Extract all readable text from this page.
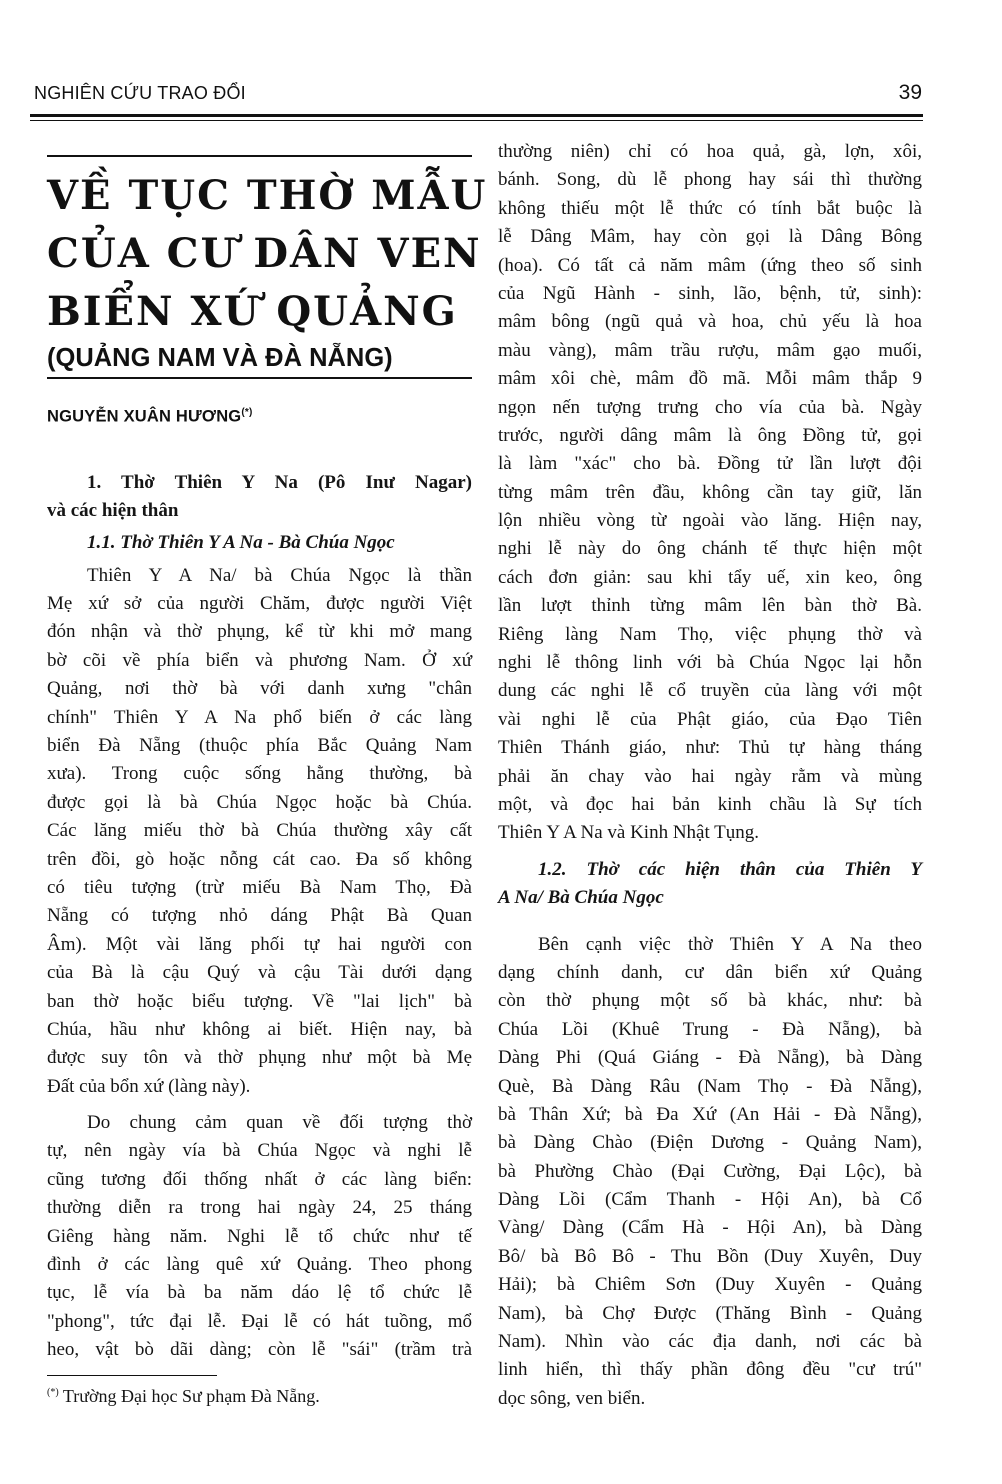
NGHIÊN CỨU TRAO ĐỔI	39
VỀ TỤC THỜ MẪU
CỦA CƯ DÂN VEN
BIỂN XỨ QUẢNG
(QUẢNG NAM VÀ ĐÀ NẴNG)
NGUYỄN XUÂN HƯƠNG(*)
1. Thờ Thiên Y Na (Pô Inư Nagar)
và các hiện thân
1.1. Thờ Thiên Y A Na - Bà Chúa Ngọc
Thiên Y A Na/ bà Chúa Ngọc là thần
Mẹ xứ sở của người Chăm, được người Việt
đón nhận và thờ phụng, kể từ khi mở mang
bờ cõi về phía biển và phương Nam. Ở xứ
Quảng, nơi thờ bà với danh xưng "chân
chính" Thiên Y A Na phổ biến ở các làng
biển Đà Nẵng (thuộc phía Bắc Quảng Nam
xưa). Trong cuộc sống hằng thường, bà
được gọi là bà Chúa Ngọc hoặc bà Chúa.
Các lăng miếu thờ bà Chúa thường xây cất
trên đồi, gò hoặc nỗng cát cao. Đa số không
có tiêu tượng (trừ miếu Bà Nam Thọ, Đà
Nẵng có tượng nhỏ dáng Phật Bà Quan
Âm). Một vài lăng phối tự hai người con
của Bà là cậu Quý và cậu Tài dưới dạng
ban thờ hoặc biểu tượng. Về "lai lịch" bà
Chúa, hầu như không ai biết. Hiện nay, bà
được suy tôn và thờ phụng như một bà Mẹ
Đất của bổn xứ (làng này).
Do chung cảm quan về đối tượng thờ
tự, nên ngày vía bà Chúa Ngọc và nghi lễ
cũng tương đối thống nhất ở các làng biển:
thường diễn ra trong hai ngày 24, 25 tháng
Giêng hàng năm. Nghi lễ tổ chức như tế
đình ở các làng quê xứ Quảng. Theo phong
tục, lễ vía bà ba năm dáo lệ tổ chức lễ
"phong", tức đại lễ. Đại lễ có hát tuồng, mổ
heo, vật bò dãi dàng; còn lễ "sái" (trầm trà
thường niên) chỉ có hoa quả, gà, lợn, xôi,
bánh. Song, dù lễ phong hay sái thì thường
không thiếu một lễ thức có tính bắt buộc là
lễ Dâng Mâm, hay còn gọi là Dâng Bông
(hoa). Có tất cả năm mâm (ứng theo số sinh
của Ngũ Hành - sinh, lão, bệnh, tử, sinh):
mâm bông (ngũ quả và hoa, chủ yếu là hoa
màu vàng), mâm trầu rượu, mâm gạo muối,
mâm xôi chè, mâm đồ mã. Mỗi mâm thắp 9
ngọn nến tượng trưng cho vía của bà. Ngày
trước, người dâng mâm là ông Đồng tử, gọi
là làm "xác" cho bà. Đồng tử lần lượt đội
từng mâm trên đầu, không cần tay giữ, lăn
lộn nhiều vòng từ ngoài vào lăng. Hiện nay,
nghi lễ này do ông chánh tế thực hiện một
cách đơn giản: sau khi tẩy uế, xin keo, ông
lần lượt thỉnh từng mâm lên bàn thờ Bà.
Riêng làng Nam Thọ, việc phụng thờ và
nghi lễ thông linh với bà Chúa Ngọc lại hỗn
dung các nghi lễ cổ truyền của làng với một
vài nghi lễ của Phật giáo, của Đạo Tiên
Thiên Thánh giáo, như: Thủ tự hàng tháng
phải ăn chay vào hai ngày rằm và mùng
một, và đọc hai bản kinh chầu là Sự tích
Thiên Y A Na và Kinh Nhật Tụng.
1.2. Thờ các hiện thân của Thiên Y
A Na/ Bà Chúa Ngọc
Bên cạnh việc thờ Thiên Y A Na theo
dạng chính danh, cư dân biển xứ Quảng
còn thờ phụng một số bà khác, như: bà
Chúa Lồi (Khuê Trung - Đà Nẵng), bà
Dàng Phi (Quá Giáng - Đà Nẵng), bà Dàng
Què, Bà Dàng Râu (Nam Thọ - Đà Nẵng),
bà Thân Xứ; bà Đa Xứ (An Hải - Đà Nẵng),
bà Dàng Chào (Điện Dương - Quảng Nam),
bà Phường Chào (Đại Cường, Đại Lộc), bà
Dàng Lồi (Cẩm Thanh - Hội An), bà Cổ
Vàng/ Dàng (Cẩm Hà - Hội An), bà Dàng
Bô/ bà Bô Bô - Thu Bồn (Duy Xuyên, Duy
Hải); bà Chiêm Sơn (Duy Xuyên - Quảng
Nam), bà Chợ Được (Thăng Bình - Quảng
Nam). Nhìn vào các địa danh, nơi các bà
linh hiển, thì thấy phần đông đều "cư trú"
dọc sông, ven biển.
(*) Trường Đại học Sư phạm Đà Nẵng.
